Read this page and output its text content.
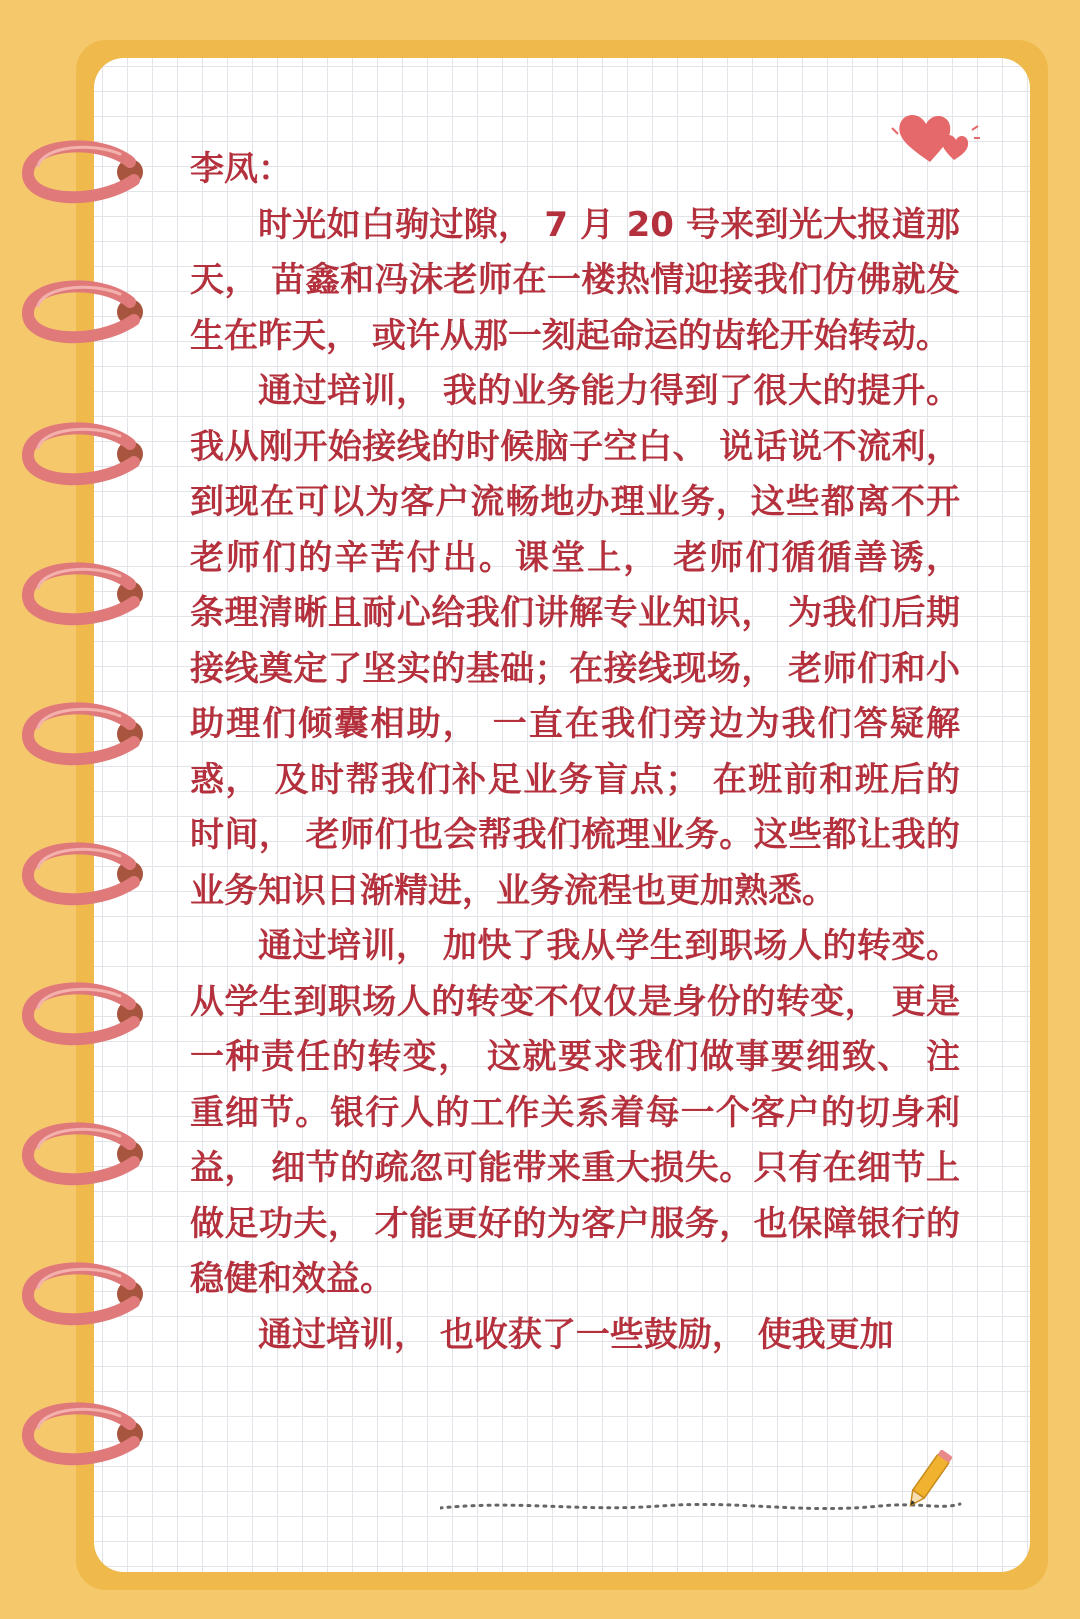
李凤：

时光如白驹过隙， 7 月 20 号来到光大报道那天， 苗鑫和冯沫老师在一楼热情迎接我们仿佛就发生在昨天， 或许从那一刻起命运的齿轮开始转动。

通过培训， 我的业务能力得到了很大的提升。我从刚开始接线的时候脑子空白、 说话说不流利， 到现在可以为客户流畅地办理业务，这些都离不开老师们的辛苦付出。课堂上， 老师们循循善诱， 条理清晰且耐心给我们讲解专业知识， 为我们后期接线奠定了坚实的基础；在接线现场， 老师们和小助理们倾囊相助， 一直在我们旁边为我们答疑解惑， 及时帮我们补足业务盲点； 在班前和班后的时间， 老师们也会帮我们梳理业务。这些都让我的业务知识日渐精进，业务流程也更加熟悉。

通过培训， 加快了我从学生到职场人的转变。从学生到职场人的转变不仅仅是身份的转变， 更是一种责任的转变， 这就要求我们做事要细致、 注重细节。银行人的工作关系着每一个客户的切身利益， 细节的疏忽可能带来重大损失。只有在细节上做足功夫， 才能更好的为客户服务，也保障银行的稳健和效益。

通过培训， 也收获了一些鼓励， 使我更加
